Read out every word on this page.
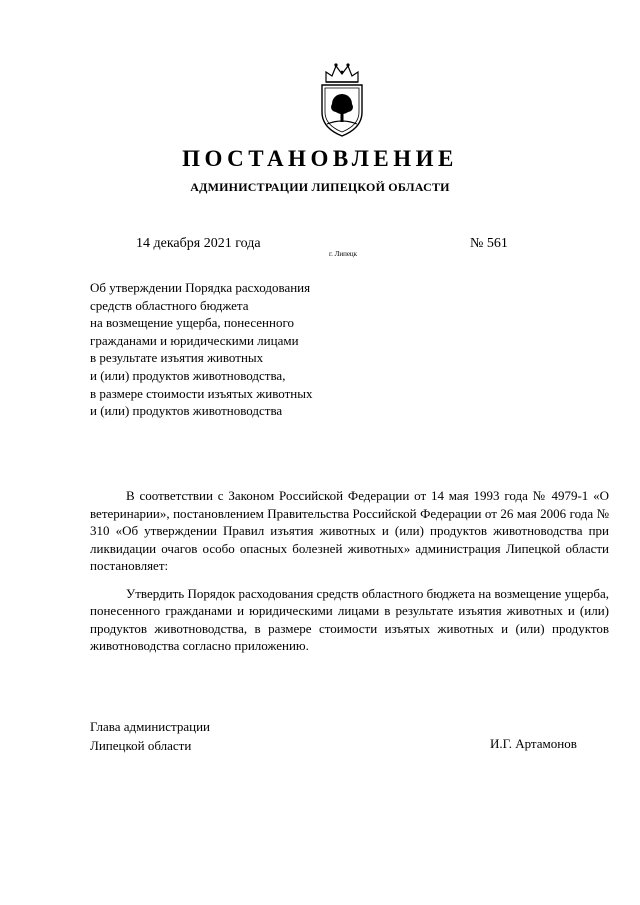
ПОСТАНОВЛЕНИЕ
АДМИНИСТРАЦИИ ЛИПЕЦКОЙ ОБЛАСТИ
14 декабря 2021 года
г. Липецк
№ 561
Об утверждении Порядка расходования
средств областного бюджета
на возмещение ущерба, понесенного
гражданами и юридическими лицами
в результате изъятия животных
и (или) продуктов животноводства,
в размере стоимости изъятых животных
и (или) продуктов животноводства

В соответствии с Законом Российской Федерации от 14 мая 1993 года № 4979-1 «О ветеринарии», постановлением Правительства Российской Федерации от 26 мая 2006 года № 310 «Об утверждении Правил изъятия животных и (или) продуктов животноводства при ликвидации очагов особо опасных болезней животных» администрация Липецкой области постановляет:

Утвердить Порядок расходования средств областного бюджета на возмещение ущерба, понесенного гражданами и юридическими лицами в результате изъятия животных и (или) продуктов животноводства, в размере стоимости изъятых животных и (или) продуктов животноводства согласно приложению.

Глава администрации
Липецкой области	И.Г. Артамонов
